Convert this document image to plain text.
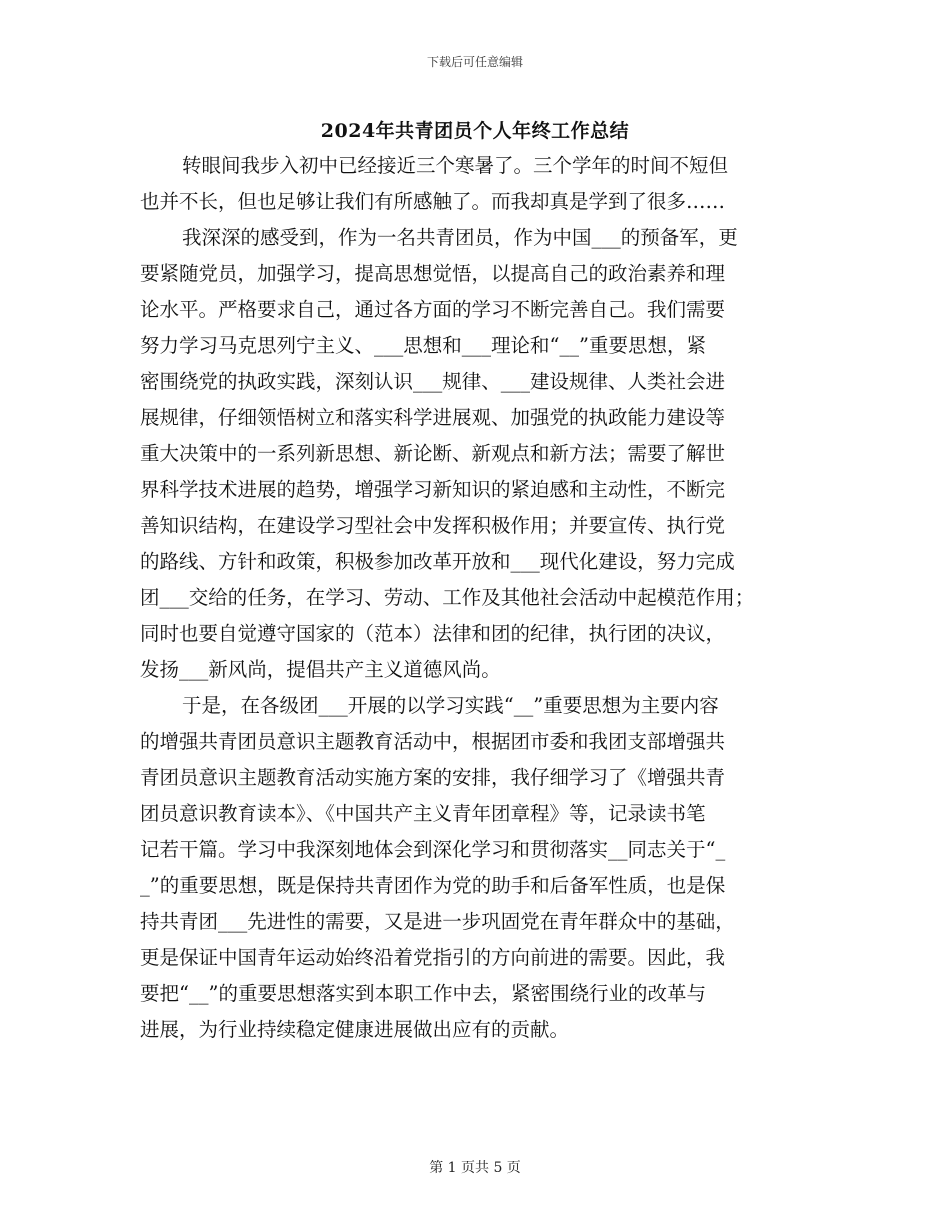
下载后可任意编辑
2024年共青团员个人年终工作总结
转眼间我步入初中已经接近三个寒暑了。三个学年的时间不短但
也并不长，但也足够让我们有所感触了。而我却真是学到了很多……
我深深的感受到，作为一名共青团员，作为中国___的预备军，更
要紧随党员，加强学习，提高思想觉悟，以提高自己的政治素养和理
论水平。严格要求自己，通过各方面的学习不断完善自己。我们需要
努力学习马克思列宁主义、___思想和___理论和“__”重要思想，紧
密围绕党的执政实践，深刻认识___规律、___建设规律、人类社会进
展规律，仔细领悟树立和落实科学进展观、加强党的执政能力建设等
重大决策中的一系列新思想、新论断、新观点和新方法；需要了解世
界科学技术进展的趋势，增强学习新知识的紧迫感和主动性，不断完
善知识结构，在建设学习型社会中发挥积极作用；并要宣传、执行党
的路线、方针和政策，积极参加改革开放和___现代化建设，努力完成
团___交给的任务，在学习、劳动、工作及其他社会活动中起模范作用；
同时也要自觉遵守国家的（范本）法律和团的纪律，执行团的决议，
发扬___新风尚，提倡共产主义道德风尚。
于是，在各级团___开展的以学习实践“__”重要思想为主要内容
的增强共青团员意识主题教育活动中，根据团市委和我团支部增强共
青团员意识主题教育活动实施方案的安排，我仔细学习了《增强共青
团员意识教育读本》、《中国共产主义青年团章程》等，记录读书笔
记若干篇。学习中我深刻地体会到深化学习和贯彻落实__同志关于“_
_”的重要思想，既是保持共青团作为党的助手和后备军性质，也是保
持共青团___先进性的需要，又是进一步巩固党在青年群众中的基础，
更是保证中国青年运动始终沿着党指引的方向前进的需要。因此，我
要把“__”的重要思想落实到本职工作中去，紧密围绕行业的改革与
进展，为行业持续稳定健康进展做出应有的贡献。
第 1 页共 5 页
